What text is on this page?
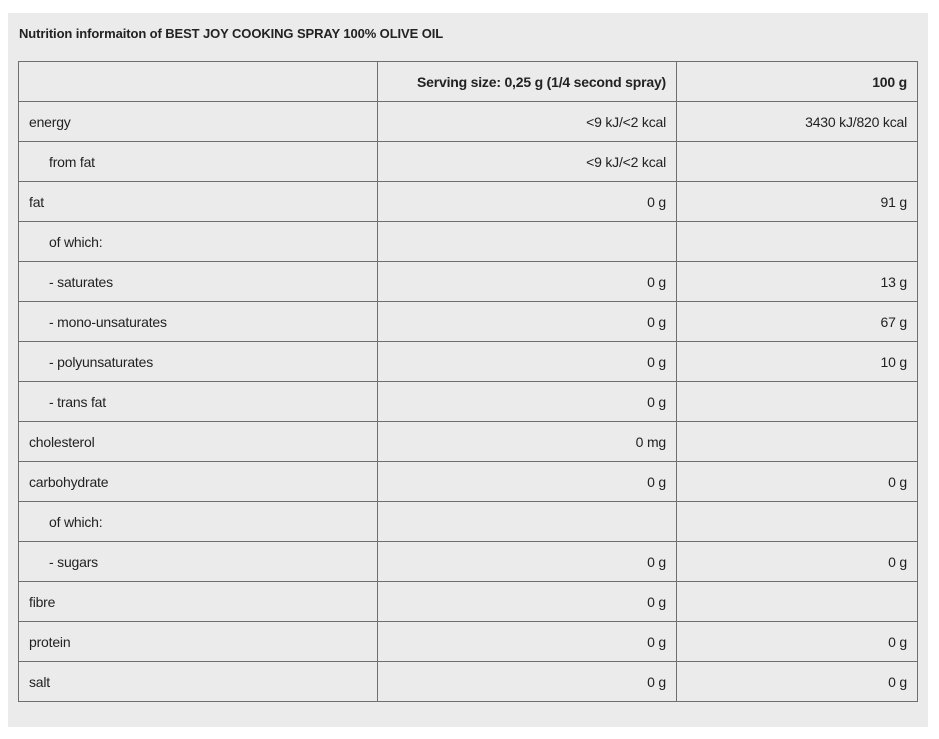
Nutrition informaiton of BEST JOY COOKING SPRAY 100% OLIVE OIL
	Serving size: 0,25 g (1/4 second spray)	100 g
energy	<9 kJ/<2 kcal	3430 kJ/820 kcal
from fat	<9 kJ/<2 kcal	
fat	0 g	91 g
of which:		
- saturates	0 g	13 g
- mono-unsaturates	0 g	67 g
- polyunsaturates	0 g	10 g
- trans fat	0 g	
cholesterol	0 mg	
carbohydrate	0 g	0 g
of which:		
- sugars	0 g	0 g
fibre	0 g	
protein	0 g	0 g
salt	0 g	0 g
